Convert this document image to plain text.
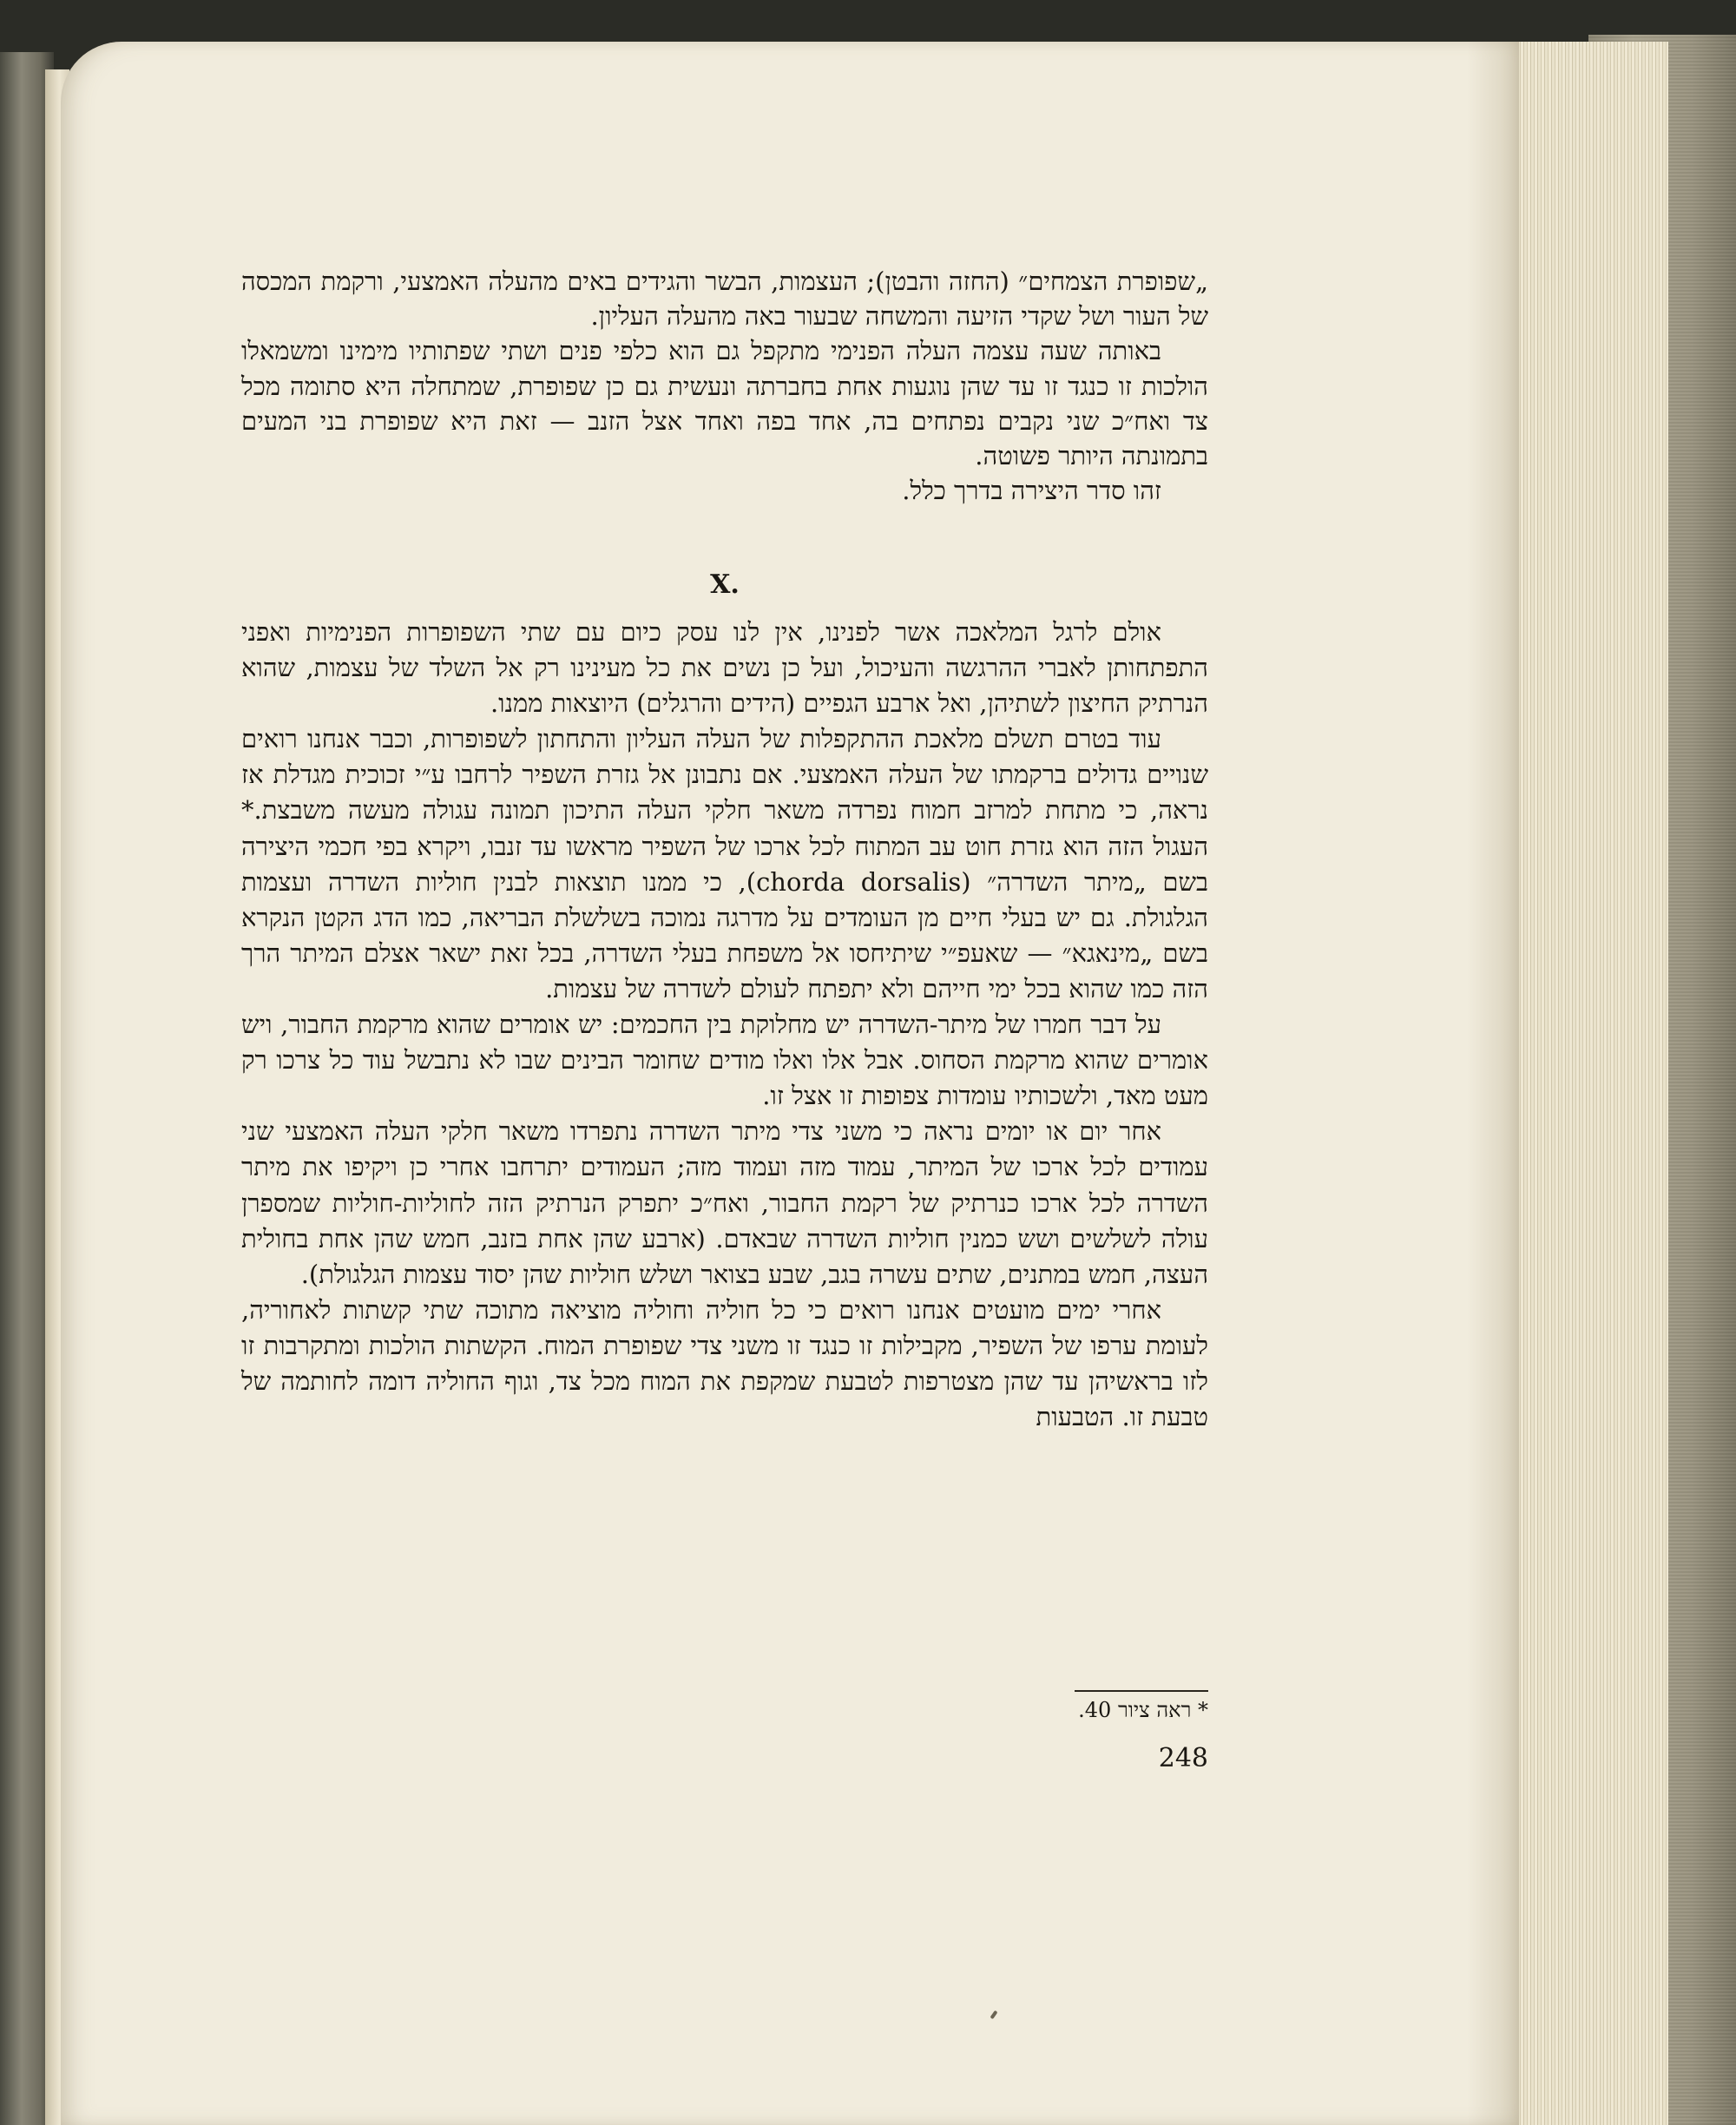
„שפופרת הצמחים״ (החזה והבטן); העצמות, הבשר והגידים באים מהעלה האמצעי, ורקמת המכסה של העור ושל שקדי הזיעה והמשחה שבעור באה מהעלה העליון.

באותה שעה עצמה העלה הפנימי מתקפל גם הוא כלפי פנים ושתי שפתותיו מימינו ומשמאלו הולכות זו כנגד זו עד שהן נוגעות אחת בחברתה ונעשית גם כן שפופרת, שמתחלה היא סתומה מכל צד ואח״כ שני נקבים נפתחים בה, אחד בפה ואחד אצל הזנב — זאת היא שפופרת בני המעים בתמונתה היותר פשוטה.

זהו סדר היצירה בדרך כלל.

X.

אולם לרגל המלאכה אשר לפנינו, אין לנו עסק כיום עם שתי השפופרות הפנימיות ואפני התפתחותן לאברי ההרגשה והעיכול, ועל כן נשים את כל מעינינו רק אל השלד של עצמות, שהוא הנרתיק החיצון לשתיהן, ואל ארבע הגפיים (הידים והרגלים) היוצאות ממנו.

עוד בטרם תשלם מלאכת ההתקפלות של העלה העליון והתחתון לשפופרות, וכבר אנחנו רואים שנויים גדולים ברקמתו של העלה האמצעי. אם נתבונן אל גזרת השפיר לרחבו ע״י זכוכית מגדלת אז נראה, כי מתחת למרזב חמוח נפרדה משאר חלקי העלה התיכון תמונה עגולה מעשה משבצת.* העגול הזה הוא גזרת חוט עב המתוח לכל ארכו של השפיר מראשו עד זנבו, ויקרא בפי חכמי היצירה בשם „מיתר השדרה״ (chorda dorsalis), כי ממנו תוצאות לבנין חוליות השדרה ועצמות הגלגולת. גם יש בעלי חיים מן העומדים על מדרגה נמוכה בשלשלת הבריאה, כמו הדג הקטן הנקרא בשם „מינאגא״ — שאעפ״י שיתיחסו אל משפחת בעלי השדרה, בכל זאת ישאר אצלם המיתר הרך הזה כמו שהוא בכל ימי חייהם ולא יתפתח לעולם לשדרה של עצמות.

על דבר חמרו של מיתר-השדרה יש מחלוקת בין החכמים: יש אומרים שהוא מרקמת החבור, ויש אומרים שהוא מרקמת הסחוס. אבל אלו ואלו מודים שחומר הבינים שבו לא נתבשל עוד כל צרכו רק מעט מאד, ולשכותיו עומדות צפופות זו אצל זו.

אחר יום או יומים נראה כי משני צדי מיתר השדרה נתפרדו משאר חלקי העלה האמצעי שני עמודים לכל ארכו של המיתר, עמוד מזה ועמוד מזה; העמודים יתרחבו אחרי כן ויקיפו את מיתר השדרה לכל ארכו כנרתיק של רקמת החבור, ואח״כ יתפרק הנרתיק הזה לחוליות-חוליות שמספרן עולה לשלשים ושש כמנין חוליות השדרה שבאדם. (ארבע שהן אחת בזנב, חמש שהן אחת בחולית העצה, חמש במתנים, שתים עשרה בגב, שבע בצואר ושלש חוליות שהן יסוד עצמות הגלגולת).

אחרי ימים מועטים אנחנו רואים כי כל חוליה וחוליה מוציאה מתוכה שתי קשתות לאחוריה, לעומת ערפו של השפיר, מקבילות זו כנגד זו משני צדי שפופרת המוח. הקשתות הולכות ומתקרבות זו לזו בראשיהן עד שהן מצטרפות לטבעת שמקפת את המוח מכל צד, וגוף החוליה דומה לחותמה של טבעת זו. הטבעות

* ראה ציור 40.
248
